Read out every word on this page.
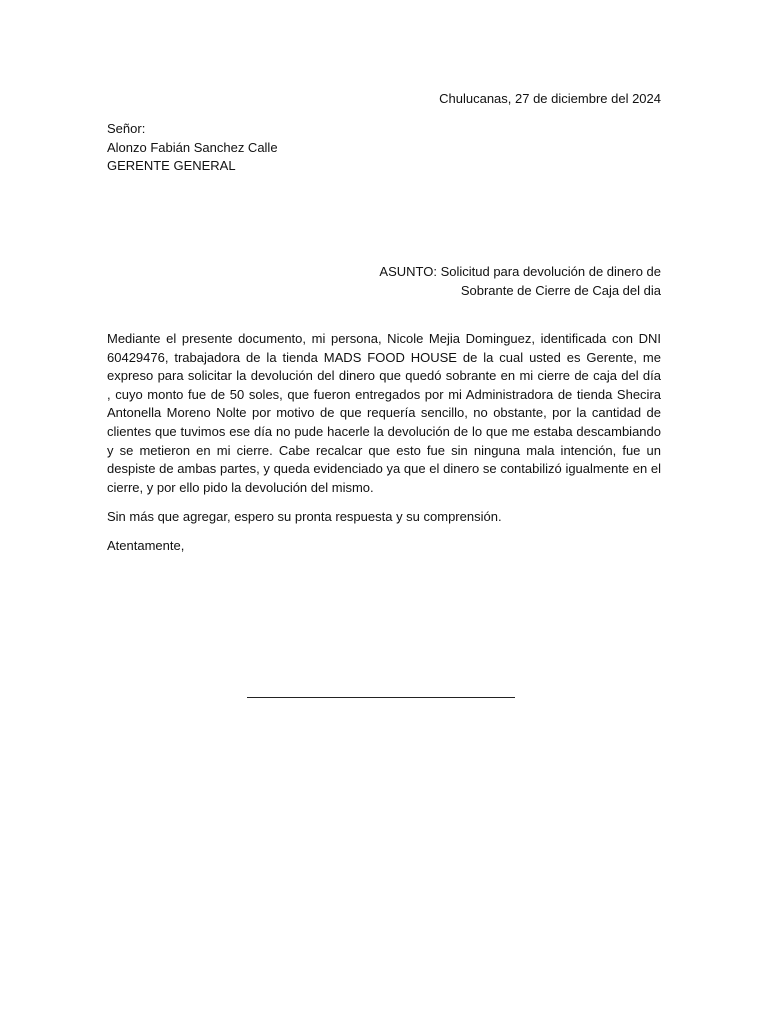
Chulucanas, 27 de diciembre del 2024
Señor:
Alonzo Fabián Sanchez Calle
GERENTE GENERAL
ASUNTO: Solicitud para devolución de dinero de
Sobrante de Cierre de Caja del dia

Mediante el presente documento, mi persona, Nicole Mejia Dominguez, identificada con DNI 60429476, trabajadora de la tienda MADS FOOD HOUSE de la cual usted es Gerente, me expreso para solicitar la devolución del dinero que quedó sobrante en mi cierre de caja del día           , cuyo monto fue de 50 soles, que fueron entregados por mi Administradora de tienda Shecira Antonella Moreno Nolte por motivo de que requería sencillo, no obstante, por la cantidad de clientes que tuvimos ese día no pude hacerle la devolución de lo que me estaba descambiando y se metieron en mi cierre. Cabe recalcar que esto fue sin ninguna mala intención, fue un despiste de ambas partes, y queda evidenciado ya que el dinero se contabilizó igualmente en el cierre, y por ello pido la devolución del mismo.

Sin más que agregar, espero su pronta respuesta y su comprensión.

Atentamente,
